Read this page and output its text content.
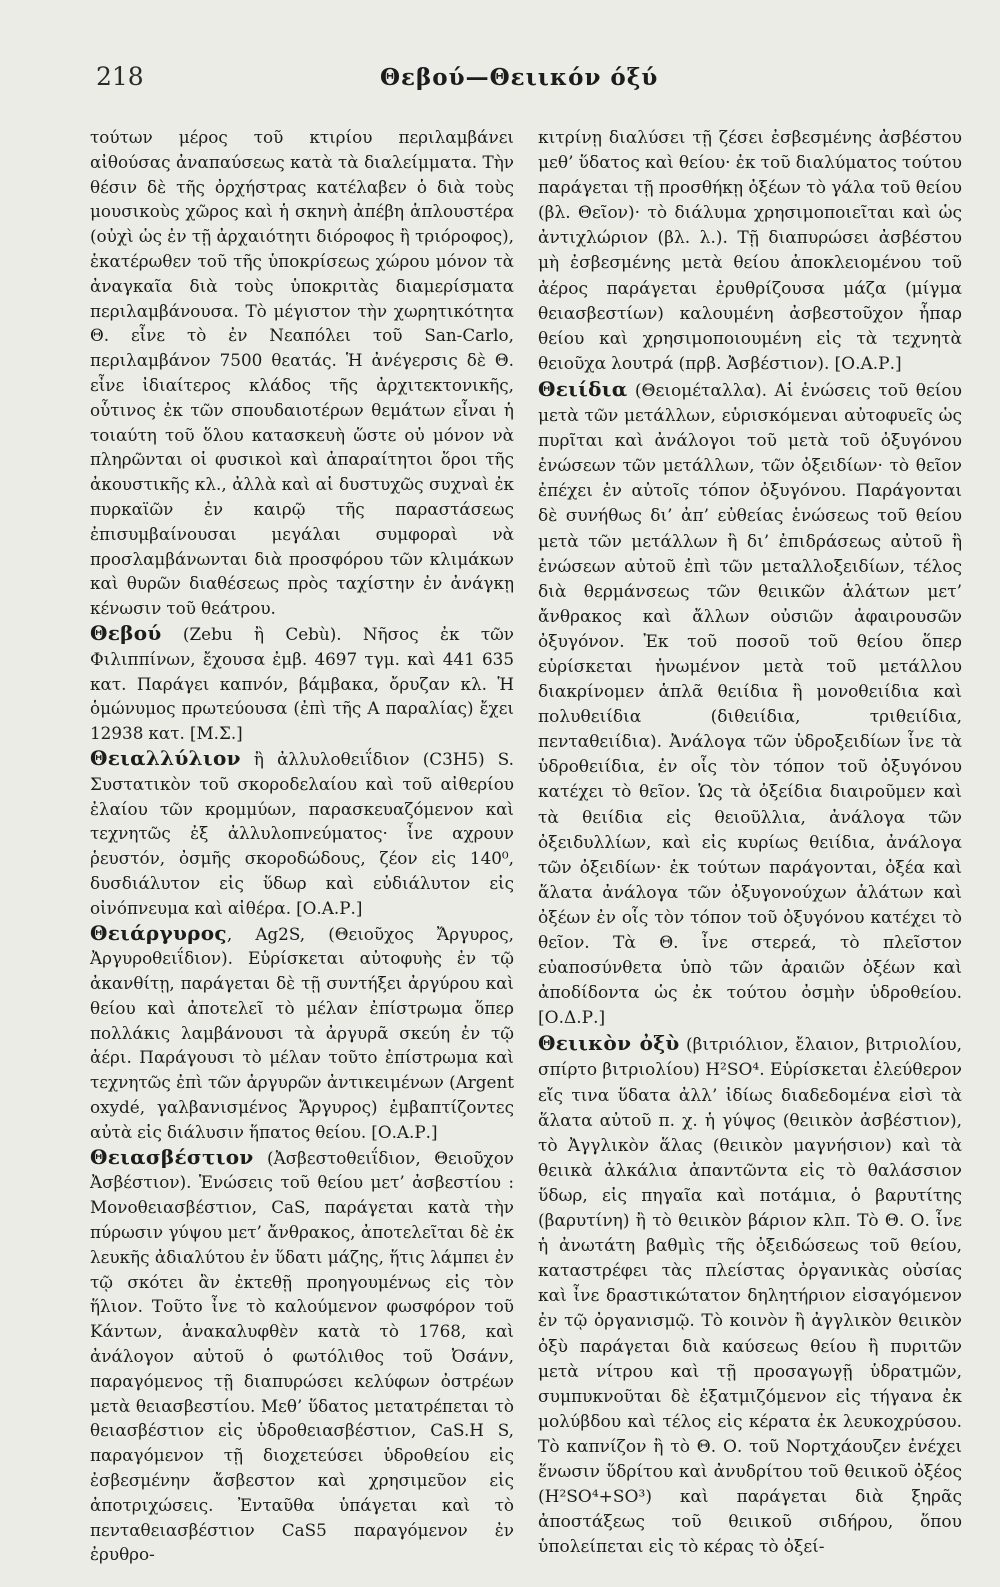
218	Θεβού—Θειικόν όξύ

τούτων μέρος τοῦ κτιρίου περιλαμβάνει αἰθούσας ἀναπαύσεως κατὰ τὰ διαλείμματα. Τὴν θέσιν δὲ τῆς ὀρχήστρας κατέλαβεν ὁ διὰ τοὺς μουσικοὺς χῶρος καὶ ἡ σκηνὴ ἀπέβη ἁπλουστέρα (οὐχὶ ὡς ἐν τῇ ἀρχαιότητι διόροφος ἢ τριόροφος), ἑκατέρωθεν τοῦ τῆς ὑποκρίσεως χώρου μόνον τὰ ἀναγκαῖα διὰ τοὺς ὑποκριτὰς διαμερίσματα περιλαμβάνουσα. Τὸ μέγιστον τὴν χωρητικότητα Θ. εἶνε τὸ ἐν Νεαπόλει τοῦ San-Carlo, περιλαμβάνον 7500 θεατάς. Ἡ ἀνέγερσις δὲ Θ. εἶνε ἰδιαίτερος κλάδος τῆς ἀρχιτεκτονικῆς, οὗτινος ἐκ τῶν σπουδαιοτέρων θεμάτων εἶναι ἡ τοιαύτη τοῦ ὅλου κατασκευὴ ὥστε οὐ μόνον νὰ πληρῶνται οἱ φυσικοὶ καὶ ἀπαραίτητοι ὅροι τῆς ἀκουστικῆς κλ., ἀλλὰ καὶ αἱ δυστυχῶς συχναὶ ἐκ πυρκαϊῶν ἐν καιρῷ τῆς παραστάσεως ἐπισυμβαίνουσαι μεγάλαι συμφοραὶ νὰ προσλαμβάνωνται διὰ προσφόρου τῶν κλιμάκων καὶ θυρῶν διαθέσεως πρὸς ταχίστην ἐν ἀνάγκῃ κένωσιν τοῦ θεάτρου.

Θεβού (Zebu ἢ Cebù). Νῆσος ἐκ τῶν Φιλιππίνων, ἔχουσα ἐμβ. 4697 τγμ. καὶ 441 635 κατ. Παράγει καπνόν, βάμβακα, ὄρυζαν κλ. Ἡ ὁμώνυμος πρωτεύουσα (ἐπὶ τῆς Α παραλίας) ἔχει 12938 κατ. [Μ.Σ.]

Θειαλλύλιον ἢ ἀλλυλοθειΐδιον (C3H5) S. Συστατικὸν τοῦ σκοροδελαίου καὶ τοῦ αἰθερίου ἐλαίου τῶν κρομμύων, παρασκευαζόμενον καὶ τεχνητῶς ἐξ ἀλλυλοπνεύματος· ἶνε αχρουν ῥευστόν, ὀσμῆς σκοροδώδους, ζέον εἰς 140⁰, δυσδιάλυτον εἰς ὕδωρ καὶ εὐδιάλυτον εἰς οἰνόπνευμα καὶ αἰθέρα. [Ο.Α.Ρ.]

Θειάργυρος, Ag2S, (Θειοῦχος Ἄργυρος, Ἀργυροθειΐδιον). Εὑρίσκεται αὐτοφυὴς ἐν τῷ ἀκανθίτῃ, παράγεται δὲ τῇ συντήξει ἀργύρου καὶ θείου καὶ ἀποτελεῖ τὸ μέλαν ἐπίστρωμα ὅπερ πολλάκις λαμβάνουσι τὰ ἀργυρᾶ σκεύη ἐν τῷ ἀέρι. Παράγουσι τὸ μέλαν τοῦτο ἐπίστρωμα καὶ τεχνητῶς ἐπὶ τῶν ἀργυρῶν ἀντικειμένων (Argent oxydé, γαλβανισμένος Ἄργυρος) ἐμβαπτίζοντες αὐτὰ εἰς διάλυσιν ἥπατος θείου. [Ο.Α.Ρ.]

Θειασβέστιον (Ἀσβεστοθειΐδιον, Θειοῦχον Ἀσβέστιον). Ἑνώσεις τοῦ θείου μετ’ ἀσβεστίου : Μονοθειασβέστιον, CaS, παράγεται κατὰ τὴν πύρωσιν γύψου μετ’ ἄνθρακος, ἀποτελεῖται δὲ ἐκ λευκῆς ἀδιαλύτου ἐν ὕδατι μάζης, ἥτις λάμπει ἐν τῷ σκότει ἂν ἐκτεθῇ προηγουμένως εἰς τὸν ἥλιον. Τοῦτο ἶνε τὸ καλούμενον φωσφόρον τοῦ Κάντων, ἀνακαλυφθὲν κατὰ τὸ 1768, καὶ ἀνάλογον αὐτοῦ ὁ φωτόλιθος τοῦ Ὀσάνν, παραγόμενος τῇ διαπυρώσει κελύφων ὀστρέων μετὰ θειασβεστίου. Μεθ’ ὕδατος μετατρέπεται τὸ θειασβέστιον εἰς ὑδροθειασβέστιον, CaS.H S, παραγόμενον τῇ διοχετεύσει ὑδροθείου εἰς ἐσβεσμένην ἄσβεστον καὶ χρησιμεῦον εἰς ἀποτριχώσεις. Ἐνταῦθα ὑπάγεται καὶ τὸ πενταθειασβέστιον CaS5 παραγόμενον ἐν ἐρυθρο-

κιτρίνῃ διαλύσει τῇ ζέσει ἐσβεσμένης ἀσβέστου μεθ’ ὕδατος καὶ θείου· ἐκ τοῦ διαλύματος τούτου παράγεται τῇ προσθήκῃ ὀξέων τὸ γάλα τοῦ θείου (βλ. Θεῖον)· τὸ διάλυμα χρησιμοποιεῖται καὶ ὡς ἀντιχλώριον (βλ. λ.). Τῇ διαπυρώσει ἀσβέστου μὴ ἐσβεσμένης μετὰ θείου ἀποκλειομένου τοῦ ἀέρος παράγεται ἐρυθρίζουσα μάζα (μίγμα θειασβεστίων) καλουμένη ἀσβεστοῦχον ἧπαρ θείου καὶ χρησιμοποιουμένη εἰς τὰ τεχνητὰ θειοῦχα λουτρά (πρβ. Ἀσβέστιον). [Ο.Α.Ρ.]

Θειίδια (Θειομέταλλα). Αἱ ἑνώσεις τοῦ θείου μετὰ τῶν μετάλλων, εὑρισκόμεναι αὐτοφυεῖς ὡς πυρῖται καὶ ἀνάλογοι τοῦ μετὰ τοῦ ὀξυγόνου ἑνώσεων τῶν μετάλλων, τῶν ὀξειδίων· τὸ θεῖον ἐπέχει ἐν αὐτοῖς τόπον ὀξυγόνου. Παράγονται δὲ συνήθως δι’ ἀπ’ εὐθείας ἑνώσεως τοῦ θείου μετὰ τῶν μετάλλων ἢ δι’ ἐπιδράσεως αὐτοῦ ἢ ἑνώσεων αὐτοῦ ἐπὶ τῶν μεταλλοξειδίων, τέλος διὰ θερμάνσεως τῶν θειικῶν ἁλάτων μετ’ ἄνθρακος καὶ ἄλλων οὐσιῶν ἀφαιρουσῶν ὀξυγόνον. Ἐκ τοῦ ποσοῦ τοῦ θείου ὅπερ εὑρίσκεται ἡνωμένον μετὰ τοῦ μετάλλου διακρίνομεν ἁπλᾶ θειίδια ἢ μονοθειίδια καὶ πολυθειίδια (διθειίδια, τριθειίδια, πενταθειίδια). Ἀνάλογα τῶν ὑδροξειδίων ἶνε τὰ ὑδροθειίδια, ἐν οἷς τὸν τόπον τοῦ ὀξυγόνου κατέχει τὸ θεῖον. Ὡς τὰ ὀξείδια διαιροῦμεν καὶ τὰ θειίδια εἰς θειοῦλλια, ἀνάλογα τῶν ὀξειδυλλίων, καὶ εἰς κυρίως θειίδια, ἀνάλογα τῶν ὀξειδίων· ἐκ τούτων παράγονται, ὀξέα καὶ ἅλατα ἀνάλογα τῶν ὀξυγονούχων ἁλάτων καὶ ὀξέων ἐν οἷς τὸν τόπον τοῦ ὀξυγόνου κατέχει τὸ θεῖον. Τὰ Θ. ἶνε στερεά, τὸ πλεῖστον εὐαποσύνθετα ὑπὸ τῶν ἀραιῶν ὀξέων καὶ ἀποδίδοντα ὡς ἐκ τούτου ὀσμὴν ὑδροθείου. [Ο.Δ.Ρ.]

Θειικὸν ὀξὺ (βιτριόλιον, ἔλαιον, βιτριολίου, σπίρτο βιτριολίου) H²SO⁴. Εὑρίσκεται ἐλεύθερον εἴς τινα ὕδατα ἀλλ’ ἰδίως διαδεδομένα εἰσὶ τὰ ἅλατα αὐτοῦ π. χ. ἡ γύψος (θειικὸν ἀσβέστιον), τὸ Ἀγγλικὸν ἅλας (θειικὸν μαγνήσιον) καὶ τὰ θειικὰ ἀλκάλια ἀπαντῶντα εἰς τὸ θαλάσσιον ὕδωρ, εἰς πηγαῖα καὶ ποτάμια, ὁ βαρυτίτης (βαρυτίνη) ἢ τὸ θειικὸν βάριον κλπ. Τὸ Θ. Ο. ἶνε ἡ ἀνωτάτη βαθμὶς τῆς ὀξειδώσεως τοῦ θείου, καταστρέφει τὰς πλείστας ὀργανικὰς οὐσίας καὶ ἶνε δραστικώτατον δηλητήριον εἰσαγόμενον ἐν τῷ ὀργανισμῷ. Τὸ κοινὸν ἢ ἀγγλικὸν θειικὸν ὀξὺ παράγεται διὰ καύσεως θείου ἢ πυριτῶν μετὰ νίτρου καὶ τῇ προσαγωγῇ ὑδρατμῶν, συμπυκνοῦται δὲ ἐξατμιζόμενον εἰς τήγανα ἐκ μολύβδου καὶ τέλος εἰς κέρατα ἐκ λευκοχρύσου. Τὸ καπνίζον ἢ τὸ Θ. Ο. τοῦ Νορτχάουζεν ἐνέχει ἕνωσιν ὕδρίτου καὶ ἀνυδρίτου τοῦ θειικοῦ ὀξέος (H²SO⁴+SO³) καὶ παράγεται διὰ ξηρᾶς ἀποστάξεως τοῦ θειικοῦ σιδήρου, ὅπου ὑπολείπεται εἰς τὸ κέρας τὸ ὀξεί-
